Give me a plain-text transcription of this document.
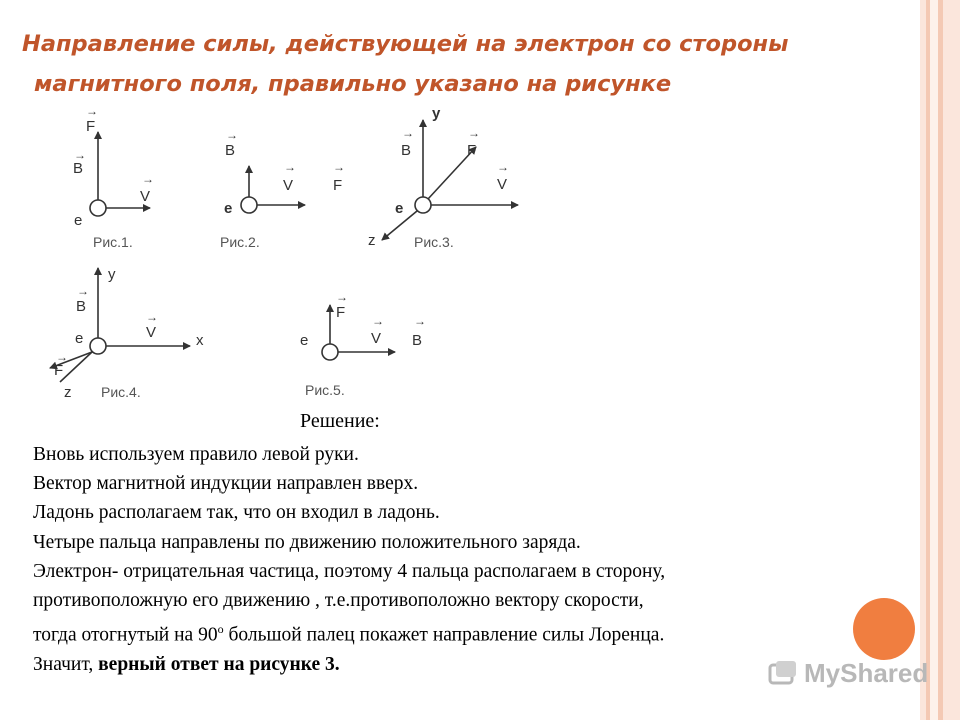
Направление силы, действующей на электрон со стороны
магнитного поля, правильно указано на рисунке
→
F
→
B
→
V
e
Рис.1.
→
B
→
V
→
F
e
Рис.2.
→
B
y
→
F
→
V
e
z	Рис.3.
y
→
B
→
V
e	x
→
F
z Рис.4.
→
F →
V
→
B
e
Рис.5.
Решение:
Вновь используем правило левой руки.
Вектор магнитной индукции направлен вверх.
Ладонь располагаем так, что он входил в ладонь.
Четыре пальца направлены по движению положительного заряда.
Электрон- отрицательная частица, поэтому 4 пальца располагаем в сторону,
противоположную его движению , т.е.противоположно вектору скорости,
тогда отогнутый на $90^о$ большой палец покажет направление силы Лоренца.
Значит, верный ответ на рисунке 3.	MyShared
